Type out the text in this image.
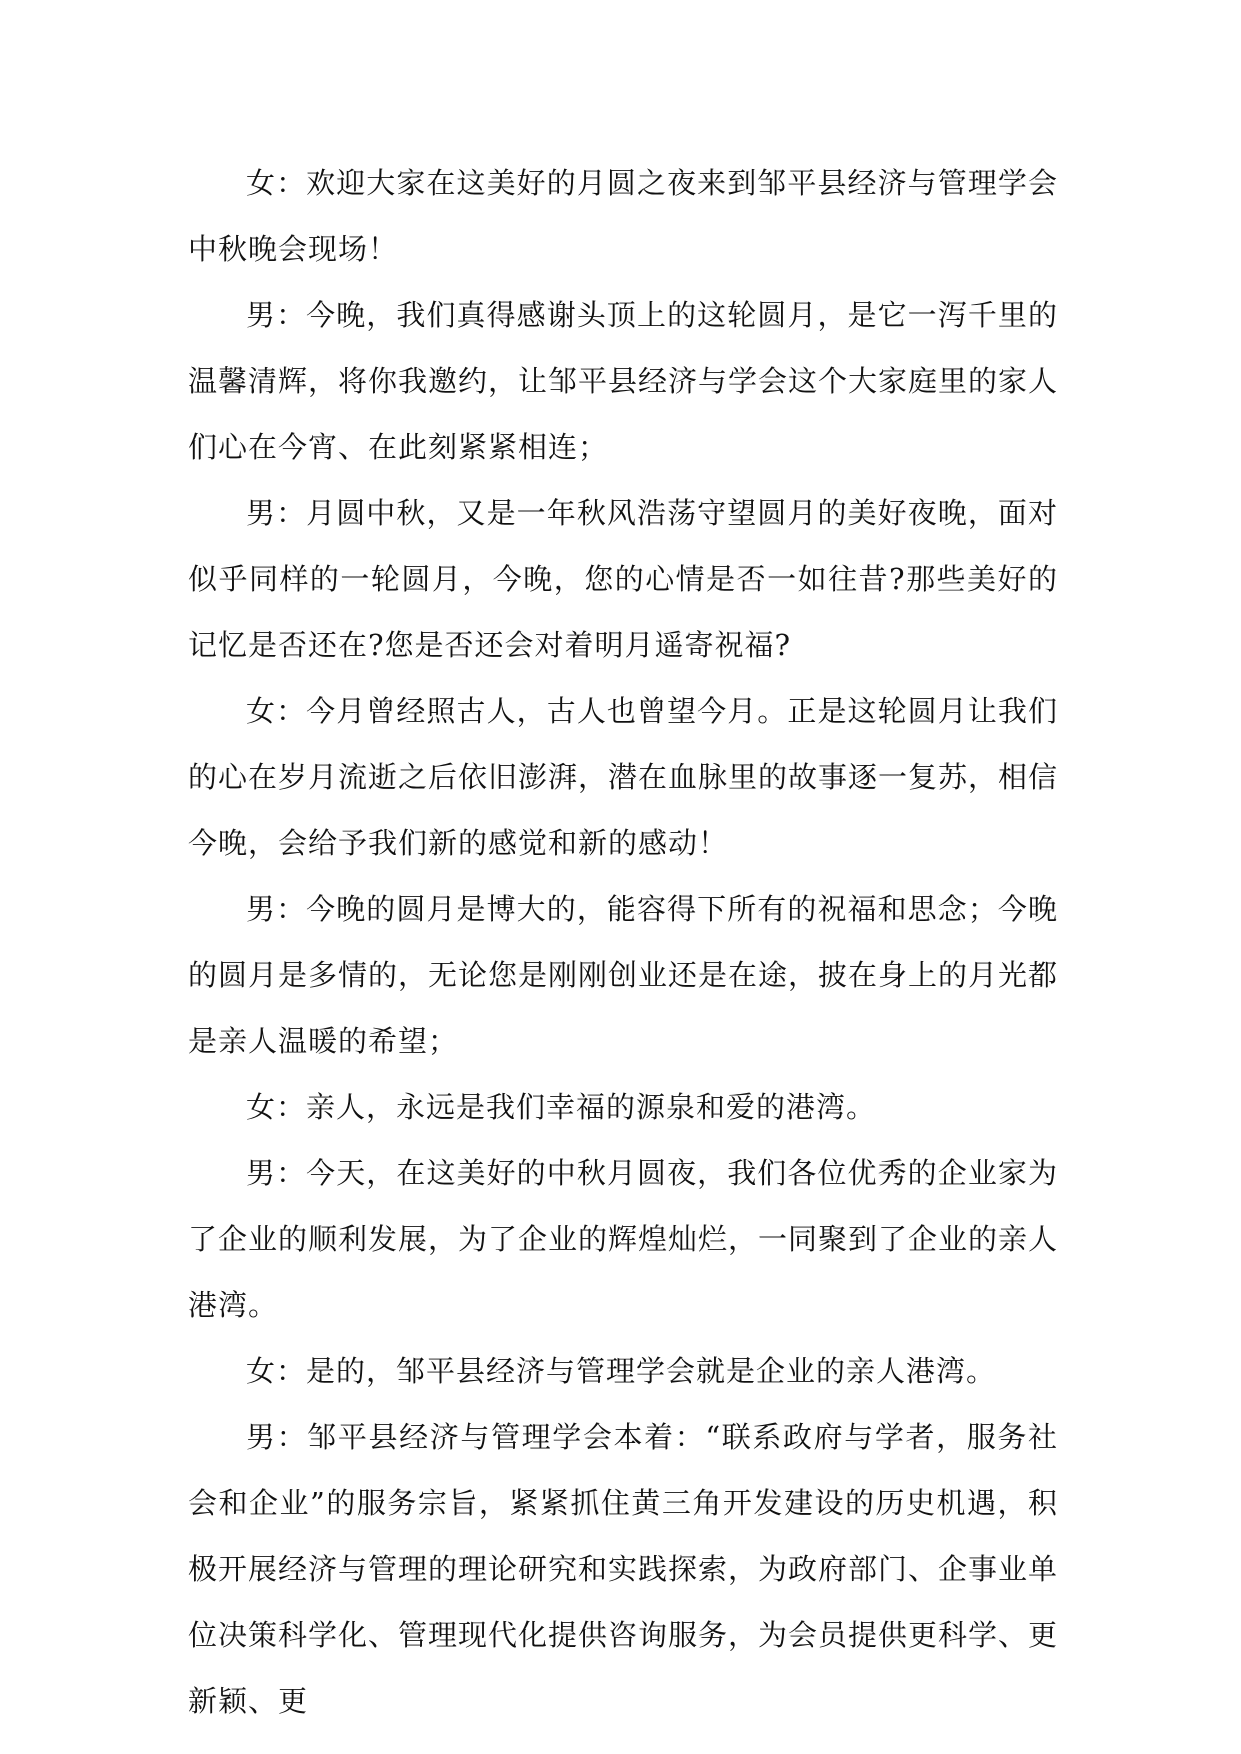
女：欢迎大家在这美好的月圆之夜来到邹平县经济与管理学会中秋晚会现场！

男：今晚，我们真得感谢头顶上的这轮圆月，是它一泻千里的温馨清辉，将你我邀约，让邹平县经济与学会这个大家庭里的家人们心在今宵、在此刻紧紧相连；

男：月圆中秋，又是一年秋风浩荡守望圆月的美好夜晚，面对似乎同样的一轮圆月，今晚，您的心情是否一如往昔?那些美好的记忆是否还在?您是否还会对着明月遥寄祝福?

女：今月曾经照古人，古人也曾望今月。正是这轮圆月让我们的心在岁月流逝之后依旧澎湃，潜在血脉里的故事逐一复苏，相信今晚，会给予我们新的感觉和新的感动！

男：今晚的圆月是博大的，能容得下所有的祝福和思念；今晚的圆月是多情的，无论您是刚刚创业还是在途，披在身上的月光都是亲人温暖的希望；

女：亲人，永远是我们幸福的源泉和爱的港湾。

男：今天，在这美好的中秋月圆夜，我们各位优秀的企业家为了企业的顺利发展，为了企业的辉煌灿烂，一同聚到了企业的亲人港湾。

女：是的，邹平县经济与管理学会就是企业的亲人港湾。

男：邹平县经济与管理学会本着：“联系政府与学者，服务社会和企业”的服务宗旨，紧紧抓住黄三角开发建设的历史机遇，积极开展经济与管理的理论研究和实践探索，为政府部门、企事业单位决策科学化、管理现代化提供咨询服务，为会员提供更科学、更新颖、更
